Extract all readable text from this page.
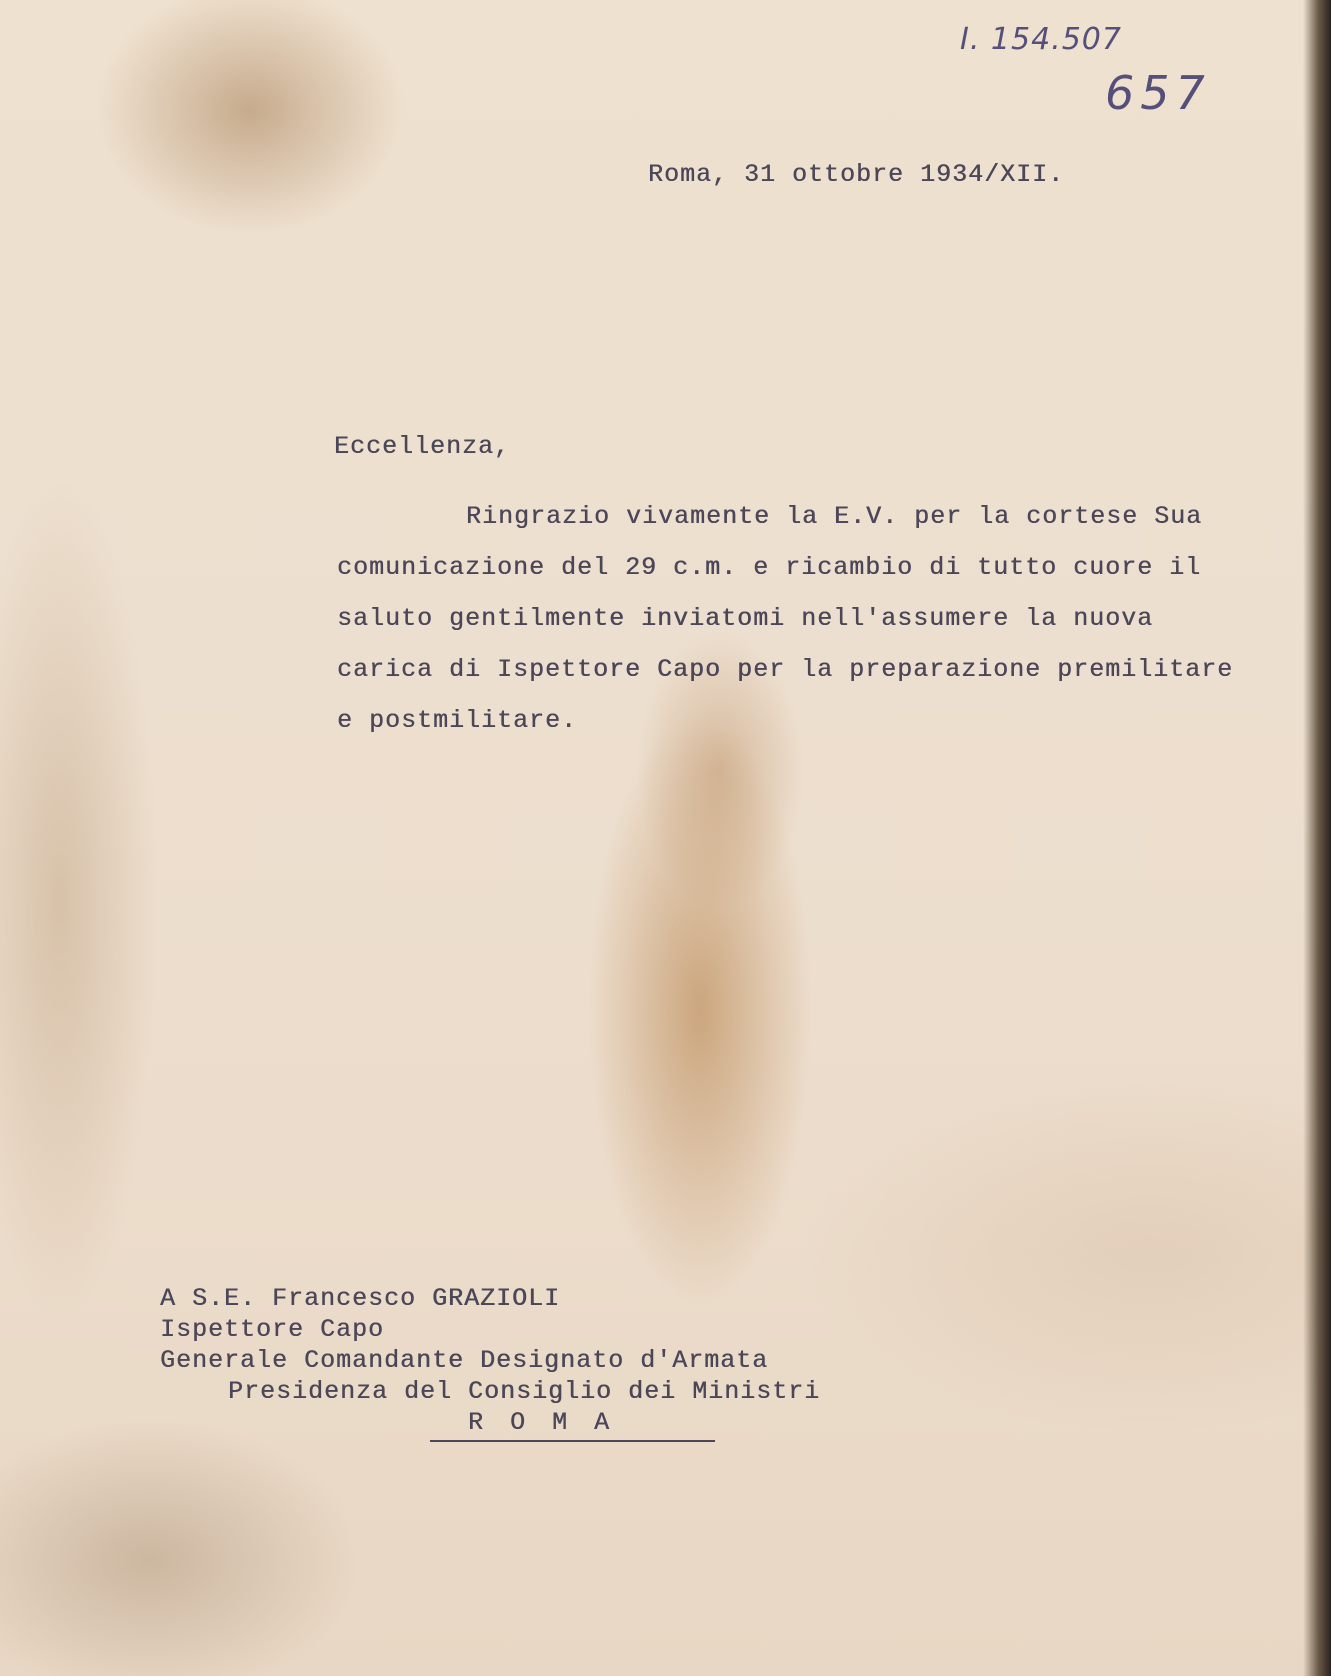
I. 154.507
657
Roma, 31 ottobre 1934/XII.
Eccellenza,
Ringrazio vivamente la E.V. per la cortese Sua
comunicazione del 29 c.m. e ricambio di tutto cuore il
saluto gentilmente inviatomi nell'assumere la nuova
carica di Ispettore Capo per la preparazione premilitare
e postmilitare.
A S.E. Francesco GRAZIOLI
Ispettore Capo
Generale Comandante Designato d'Armata
Presidenza del Consiglio dei Ministri
R O M A
